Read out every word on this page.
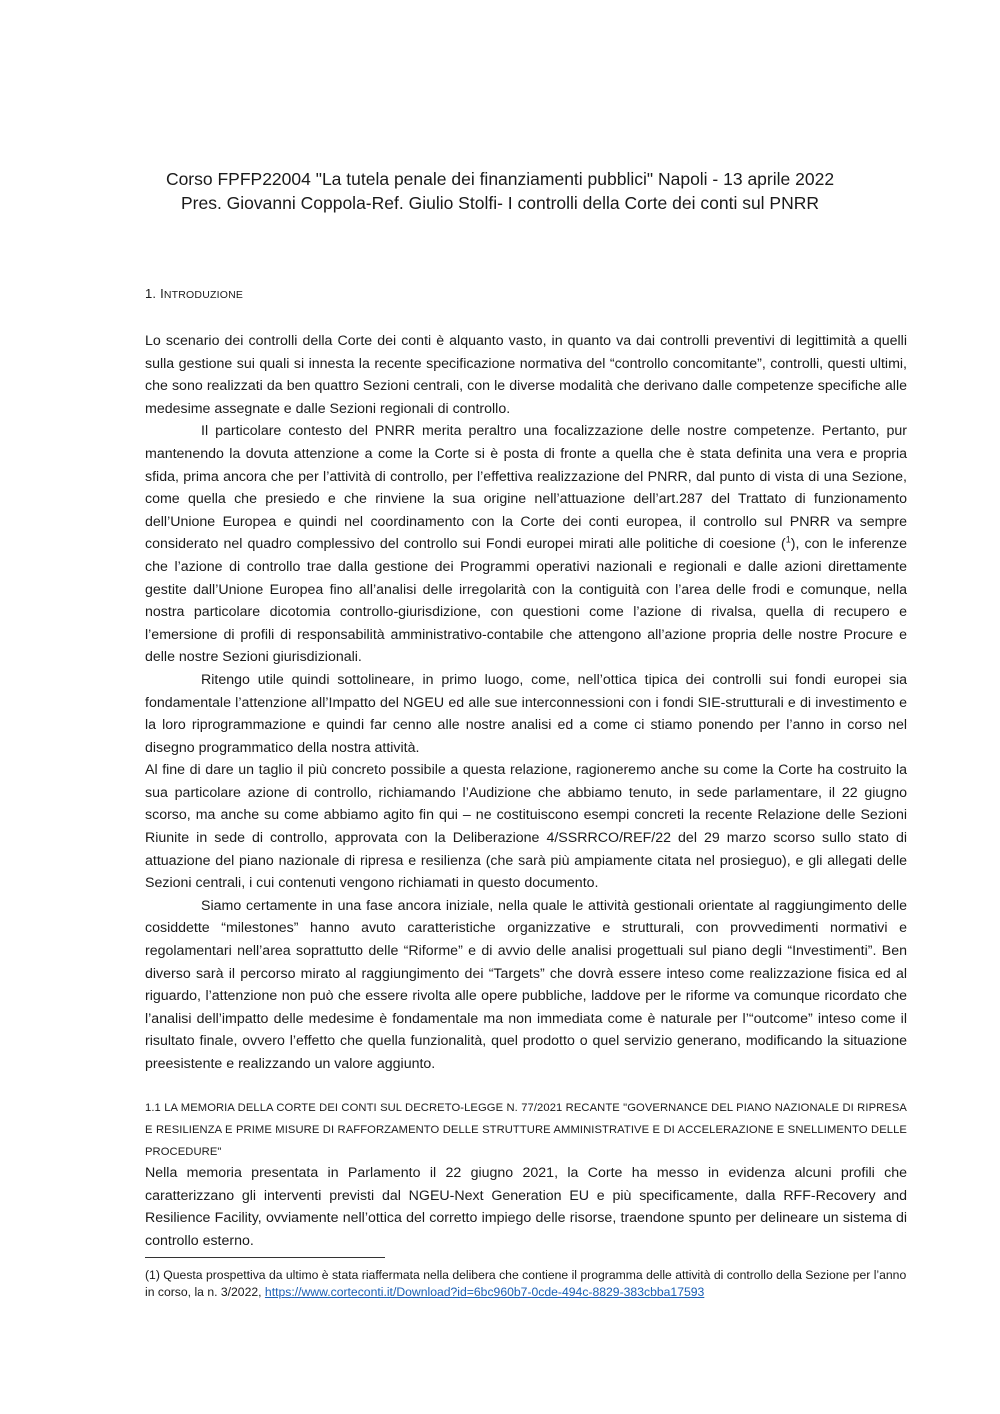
Corso FPFP22004 "La tutela penale dei finanziamenti pubblici" Napoli - 13 aprile 2022
Pres. Giovanni Coppola-Ref. Giulio Stolfi- I controlli della Corte dei conti sul PNRR
1. INTRODUZIONE

Lo scenario dei controlli della Corte dei conti è alquanto vasto, in quanto va dai controlli preventivi di legittimità a quelli sulla gestione sui quali si innesta la recente specificazione normativa del “controllo concomitante”, controlli, questi ultimi, che sono realizzati da ben quattro Sezioni centrali, con le diverse modalità che derivano dalle competenze specifiche alle medesime assegnate e dalle Sezioni regionali di controllo.

Il particolare contesto del PNRR merita peraltro una focalizzazione delle nostre competenze. Pertanto, pur mantenendo la dovuta attenzione a come la Corte si è posta di fronte a quella che è stata definita una vera e propria sfida, prima ancora che per l’attività di controllo, per l’effettiva realizzazione del PNRR, dal punto di vista di una Sezione, come quella che presiedo e che rinviene la sua origine nell’attuazione dell’art.287 del Trattato di funzionamento dell’Unione Europea e quindi nel coordinamento con la Corte dei conti europea, il controllo sul PNRR va sempre considerato nel quadro complessivo del controllo sui Fondi europei mirati alle politiche di coesione ($^1$), con le inferenze che l’azione di controllo trae dalla gestione dei Programmi operativi nazionali e regionali e dalle azioni direttamente gestite dall’Unione Europea fino all’analisi delle irregolarità con la contiguità con l’area delle frodi e comunque, nella nostra particolare dicotomia controllo-giurisdizione, con questioni come l’azione di rivalsa, quella di recupero e l’emersione di profili di responsabilità amministrativo-contabile che attengono all’azione propria delle nostre Procure e delle nostre Sezioni giurisdizionali.

Ritengo utile quindi sottolineare, in primo luogo, come, nell’ottica tipica dei controlli sui fondi europei sia fondamentale l’attenzione all’Impatto del NGEU ed alle sue interconnessioni con i fondi SIE-strutturali e di investimento e la loro riprogrammazione e quindi far cenno alle nostre analisi ed a come ci stiamo ponendo per l’anno in corso nel disegno programmatico della nostra attività.

Al fine di dare un taglio il più concreto possibile a questa relazione, ragioneremo anche su come la Corte ha costruito la sua particolare azione di controllo, richiamando l’Audizione che abbiamo tenuto, in sede parlamentare, il 22 giugno scorso, ma anche su come abbiamo agito fin qui – ne costituiscono esempi concreti la recente Relazione delle Sezioni Riunite in sede di controllo, approvata con la Deliberazione 4/SSRRCO/REF/22 del 29 marzo scorso sullo stato di attuazione del piano nazionale di ripresa e resilienza (che sarà più ampiamente citata nel prosieguo), e gli allegati delle Sezioni centrali, i cui contenuti vengono richiamati in questo documento.

Siamo certamente in una fase ancora iniziale, nella quale le attività gestionali orientate al raggiungimento delle cosiddette “milestones” hanno avuto caratteristiche organizzative e strutturali, con provvedimenti normativi e regolamentari nell’area soprattutto delle “Riforme” e di avvio delle analisi progettuali sul piano degli “Investimenti”. Ben diverso sarà il percorso mirato al raggiungimento dei “Targets” che dovrà essere inteso come realizzazione fisica ed al riguardo, l’attenzione non può che essere rivolta alle opere pubbliche, laddove per le riforme va comunque ricordato che l’analisi dell’impatto delle medesime è fondamentale ma non immediata come è naturale per l’“outcome” inteso come il risultato finale, ovvero l’effetto che quella funzionalità, quel prodotto o quel servizio generano, modificando la situazione preesistente e realizzando un valore aggiunto.

1.1 LA MEMORIA DELLA CORTE DEI CONTI SUL DECRETO-LEGGE N. 77/2021 RECANTE "GOVERNANCE DEL PIANO NAZIONALE DI RIPRESA E RESILIENZA E PRIME MISURE DI RAFFORZAMENTO DELLE STRUTTURE AMMINISTRATIVE E DI ACCELERAZIONE E SNELLIMENTO DELLE PROCEDURE"

Nella memoria presentata in Parlamento il 22 giugno 2021, la Corte ha messo in evidenza alcuni profili che caratterizzano gli interventi previsti dal NGEU-Next Generation EU e più specificamente, dalla RFF-Recovery and Resilience Facility, ovviamente nell’ottica del corretto impiego delle risorse, traendone spunto per delineare un sistema di controllo esterno.

(1) Questa prospettiva da ultimo è stata riaffermata nella delibera che contiene il programma delle attività di controllo della Sezione per l’anno in corso, la n. 3/2022, https://www.corteconti.it/Download?id=6bc960b7-0cde-494c-8829-383cbba17593
